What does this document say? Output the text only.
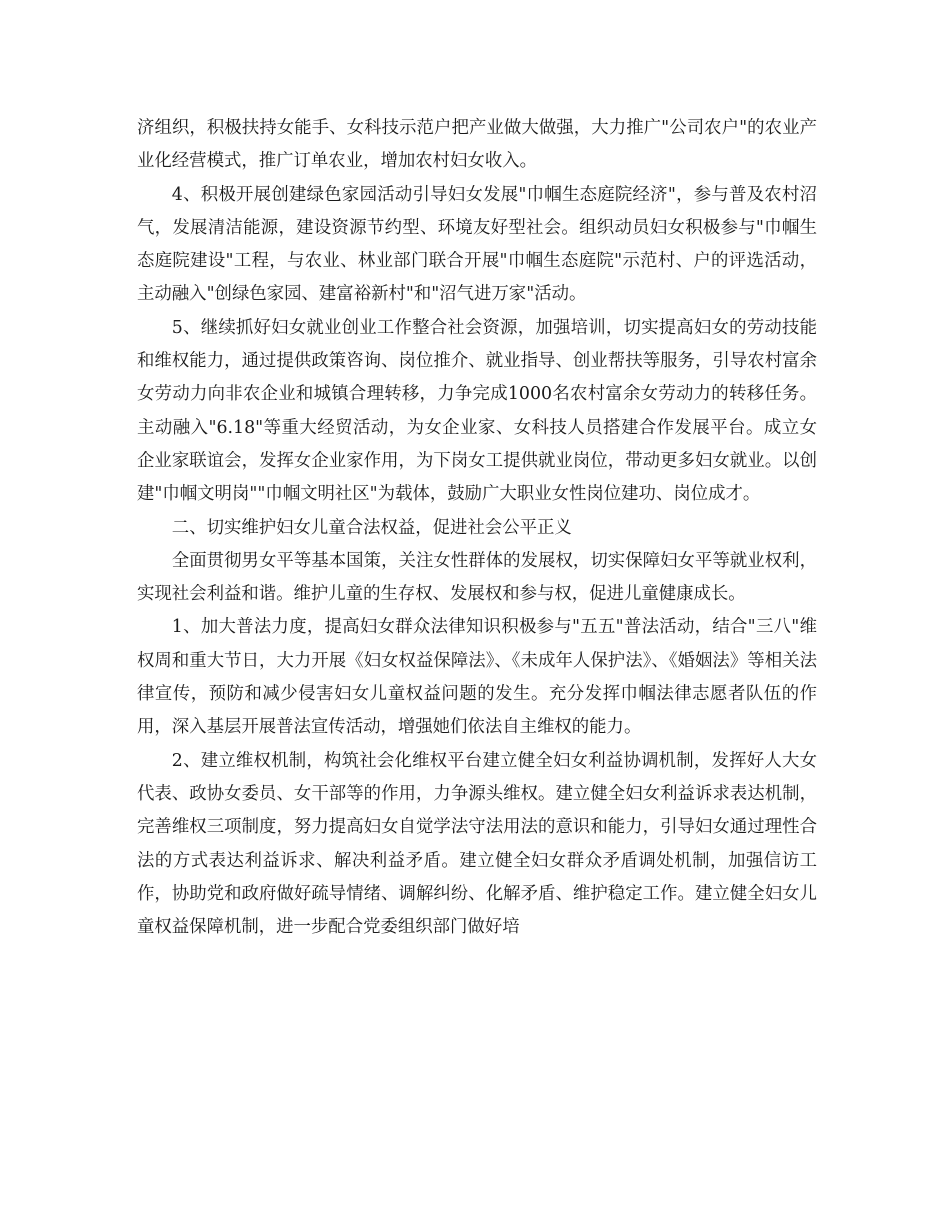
济组织，积极扶持女能手、女科技示范户把产业做大做强，大力推广"公司农户"的农业产业化经营模式，推广订单农业，增加农村妇女收入。

4、积极开展创建绿色家园活动引导妇女发展"巾帼生态庭院经济"，参与普及农村沼气，发展清洁能源，建设资源节约型、环境友好型社会。组织动员妇女积极参与"巾帼生态庭院建设"工程，与农业、林业部门联合开展"巾帼生态庭院"示范村、户的评选活动，主动融入"创绿色家园、建富裕新村"和"沼气进万家"活动。

5、继续抓好妇女就业创业工作整合社会资源，加强培训，切实提高妇女的劳动技能和维权能力，通过提供政策咨询、岗位推介、就业指导、创业帮扶等服务，引导农村富余女劳动力向非农企业和城镇合理转移，力争完成1000名农村富余女劳动力的转移任务。主动融入"6.18"等重大经贸活动，为女企业家、女科技人员搭建合作发展平台。成立女企业家联谊会，发挥女企业家作用，为下岗女工提供就业岗位，带动更多妇女就业。以创建"巾帼文明岗""巾帼文明社区"为载体，鼓励广大职业女性岗位建功、岗位成才。

二、切实维护妇女儿童合法权益，促进社会公平正义

全面贯彻男女平等基本国策，关注女性群体的发展权，切实保障妇女平等就业权利，实现社会利益和谐。维护儿童的生存权、发展权和参与权，促进儿童健康成长。

1、加大普法力度，提高妇女群众法律知识积极参与"五五"普法活动，结合"三八"维权周和重大节日，大力开展《妇女权益保障法》、《未成年人保护法》、《婚姻法》等相关法律宣传，预防和减少侵害妇女儿童权益问题的发生。充分发挥巾帼法律志愿者队伍的作用，深入基层开展普法宣传活动，增强她们依法自主维权的能力。

2、建立维权机制，构筑社会化维权平台建立健全妇女利益协调机制，发挥好人大女代表、政协女委员、女干部等的作用，力争源头维权。建立健全妇女利益诉求表达机制，完善维权三项制度，努力提高妇女自觉学法守法用法的意识和能力，引导妇女通过理性合法的方式表达利益诉求、解决利益矛盾。建立健全妇女群众矛盾调处机制，加强信访工作，协助党和政府做好疏导情绪、调解纠纷、化解矛盾、维护稳定工作。建立健全妇女儿童权益保障机制，进一步配合党委组织部门做好培
